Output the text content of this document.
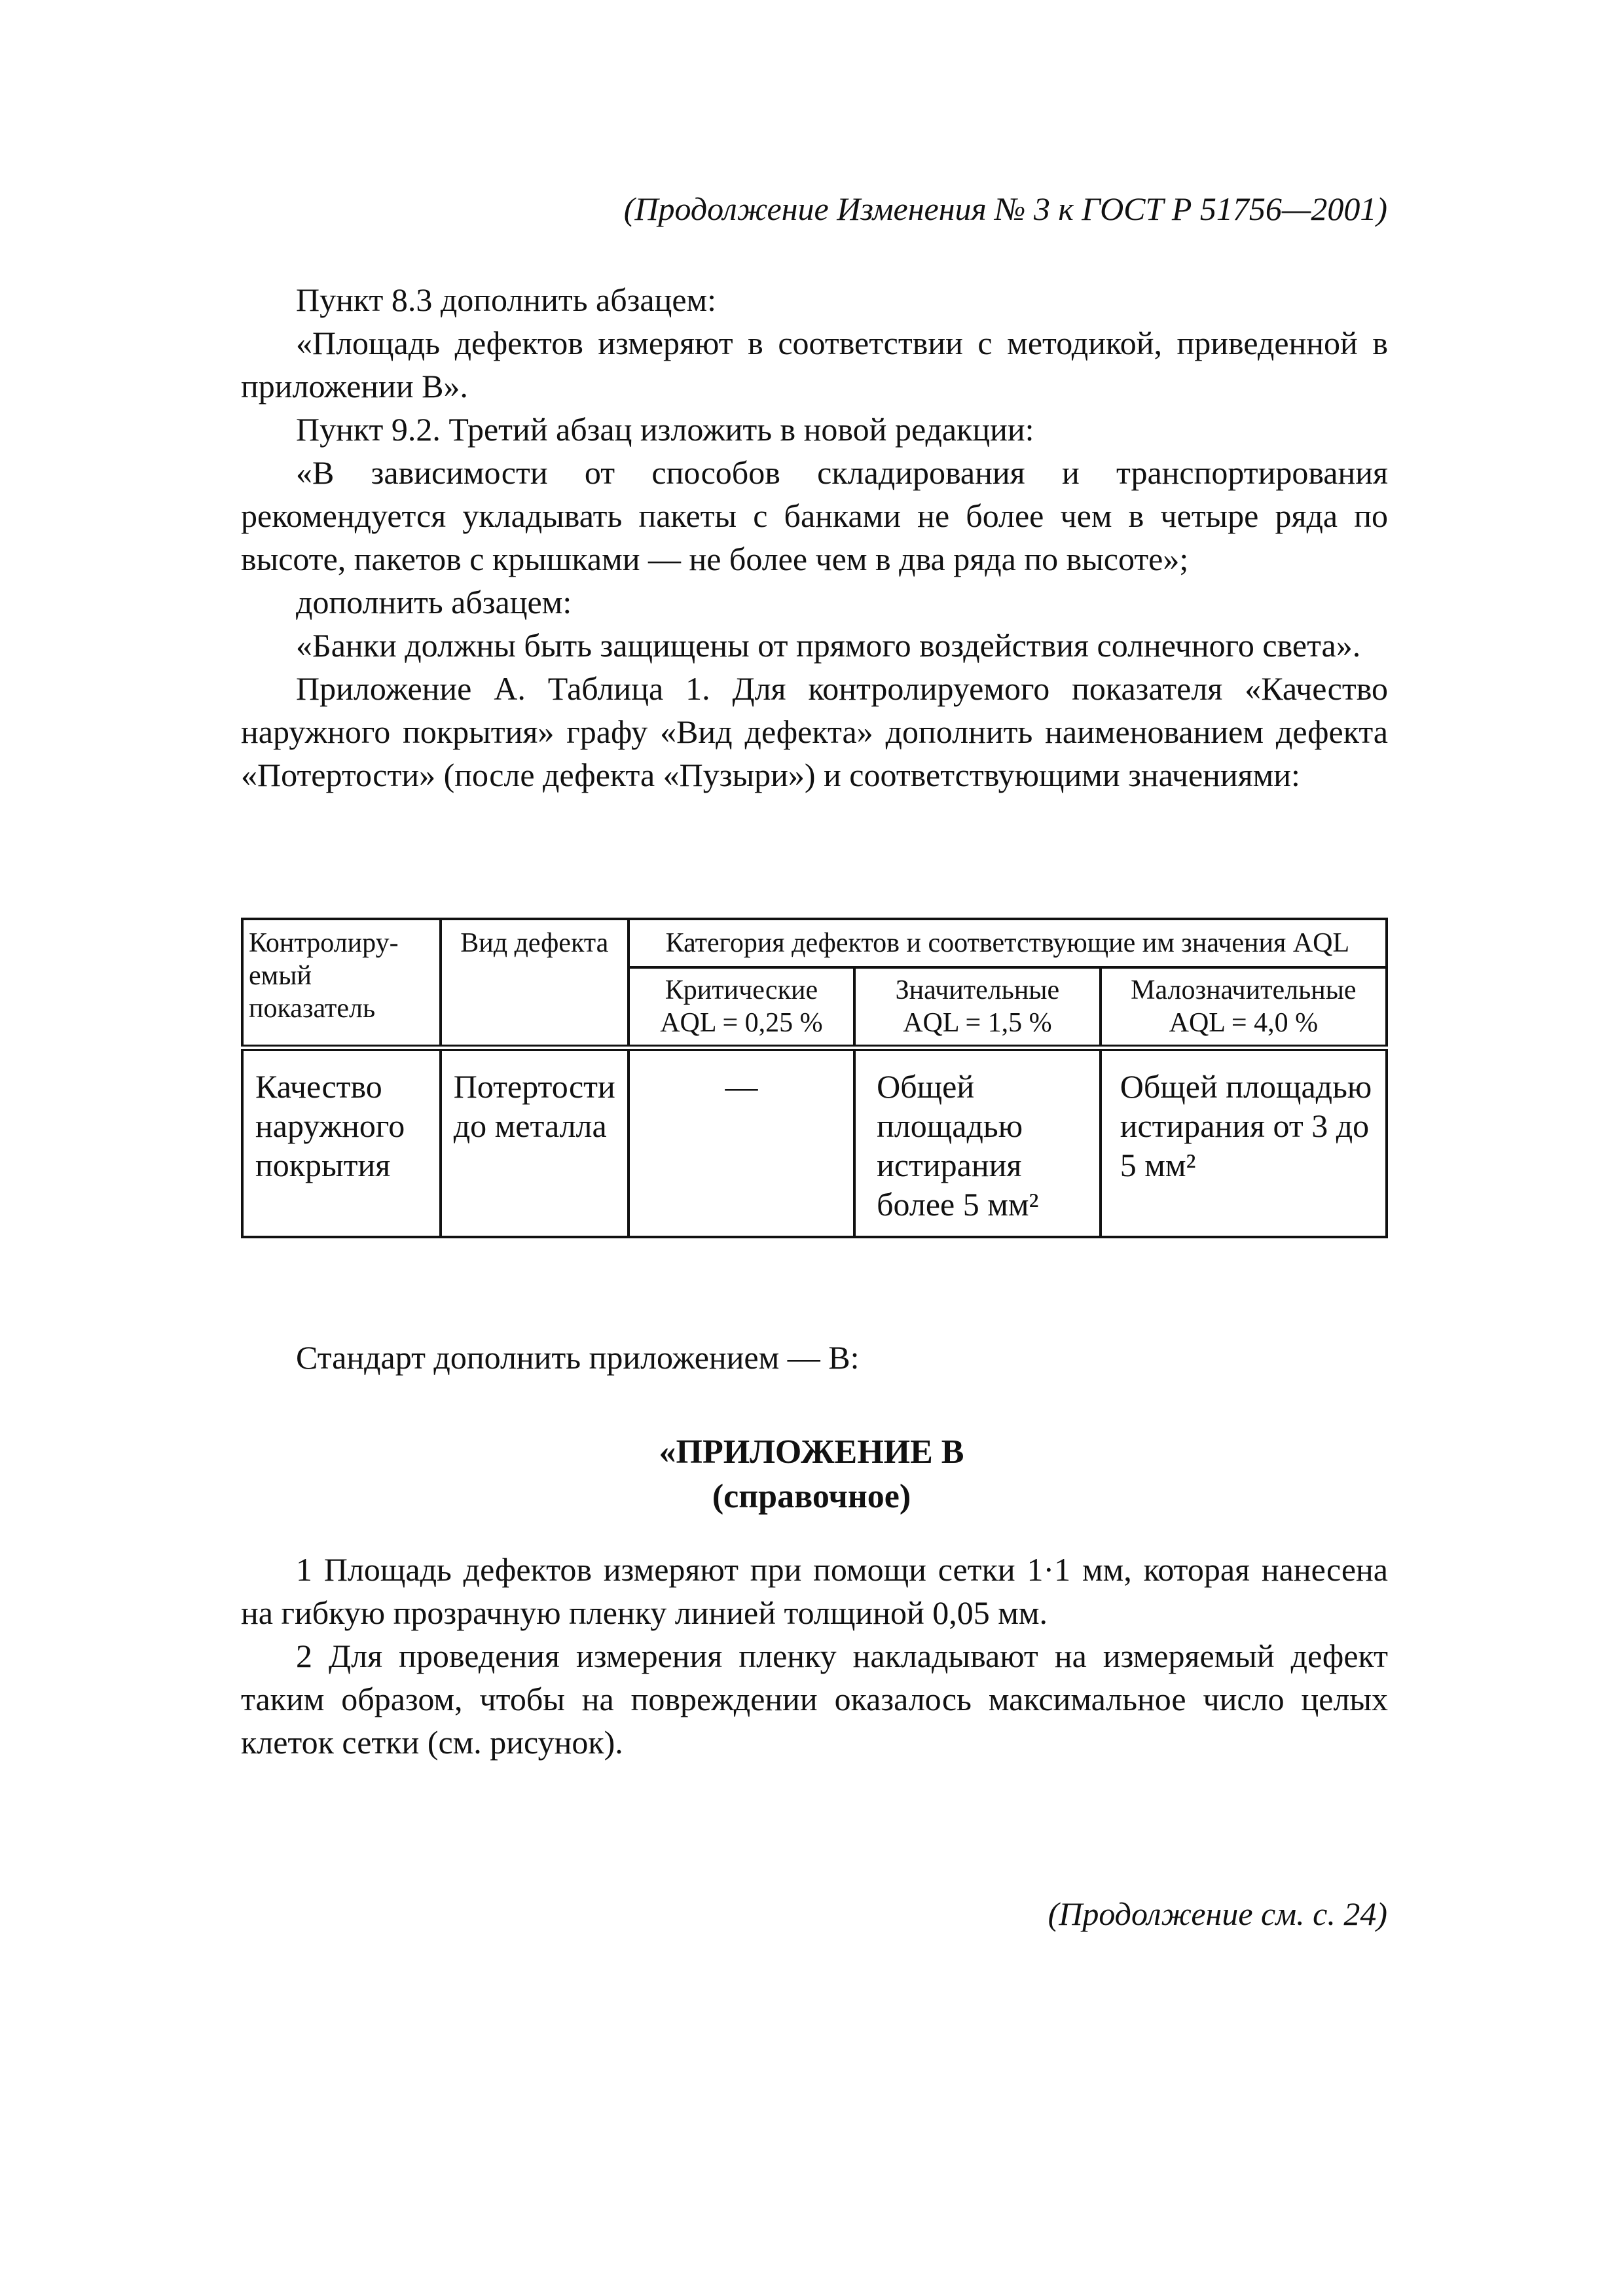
(Продолжение Изменения № 3 к ГОСТ Р 51756—2001)

Пункт 8.3 дополнить абзацем:

«Площадь дефектов измеряют в соответствии с методикой, приведенной в приложении В».

Пункт 9.2. Третий абзац изложить в новой редакции:

«В зависимости от способов складирования и транспортирования рекомендуется укладывать пакеты с банками не более чем в четыре ряда по высоте, пакетов с крышками — не более чем в два ряда по высоте»;

дополнить абзацем:

«Банки должны быть защищены от прямого воздействия солнечного света».

Приложение А. Таблица 1. Для контролируемого показателя «Качество наружного покрытия» графу «Вид дефекта» дополнить наименованием дефекта «Потертости» (после дефекта «Пузыри») и соответствующими значениями:

Контролиру-емый показатель	Вид дефекта	Категория дефектов и соответствующие им значения AQL		
		Критические AQL = 0,25 %	Значительные AQL = 1,5 %	Малозначительные AQL = 4,0 %
Качество наружного покрытия	Потертости до металла	—	Общей площадью истирания более 5 мм²	Общей площадью истирания от 3 до 5 мм²
Стандарт дополнить приложением — В:
«ПРИЛОЖЕНИЕ В
(справочное)

1 Площадь дефектов измеряют при помощи сетки 1·1 мм, которая нанесена на гибкую прозрачную пленку линией толщиной 0,05 мм.

2 Для проведения измерения пленку накладывают на измеряемый дефект таким образом, чтобы на повреждении оказалось максимальное число целых клеток сетки (см. рисунок).

(Продолжение см. с. 24)
